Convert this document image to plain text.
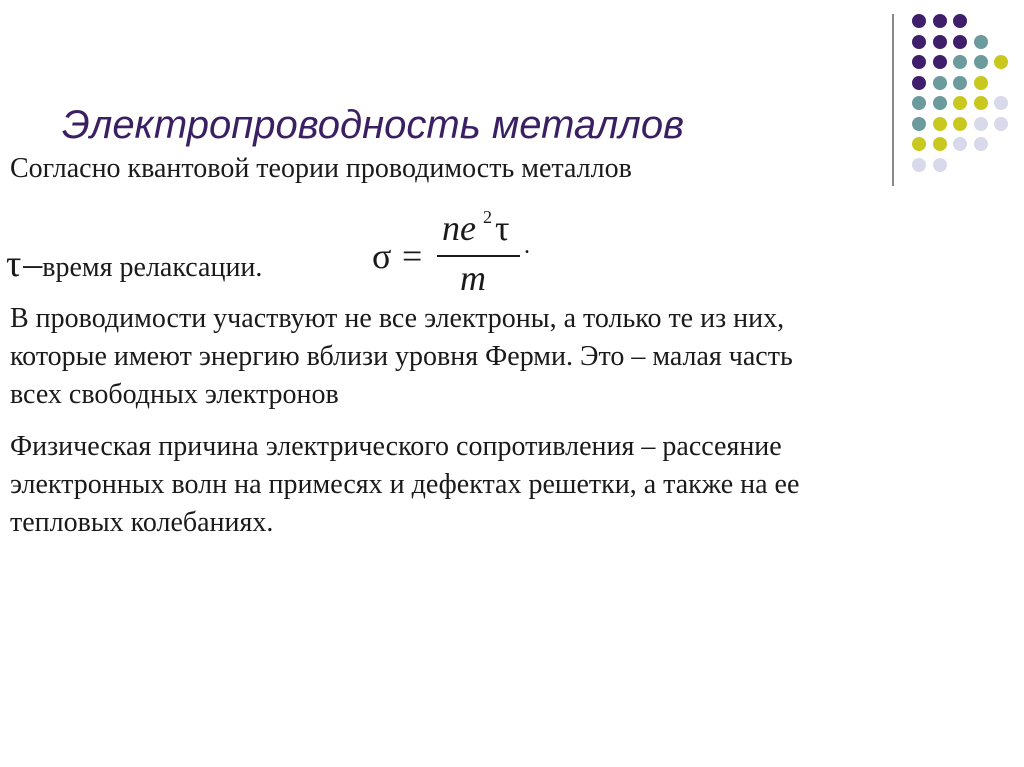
Электропроводность металлов
Согласно квантовой теории проводимость металлов
τ–время релаксации.	σ =
ne 2 τ
m
.
В проводимости участвуют не все электроны, а только те из них,
которые имеют энергию вблизи уровня Ферми. Это – малая часть
всех свободных электронов
Физическая причина электрического сопротивления – рассеяние
электронных волн на примесях и дефектах решетки, а также на ее
тепловых колебаниях.
